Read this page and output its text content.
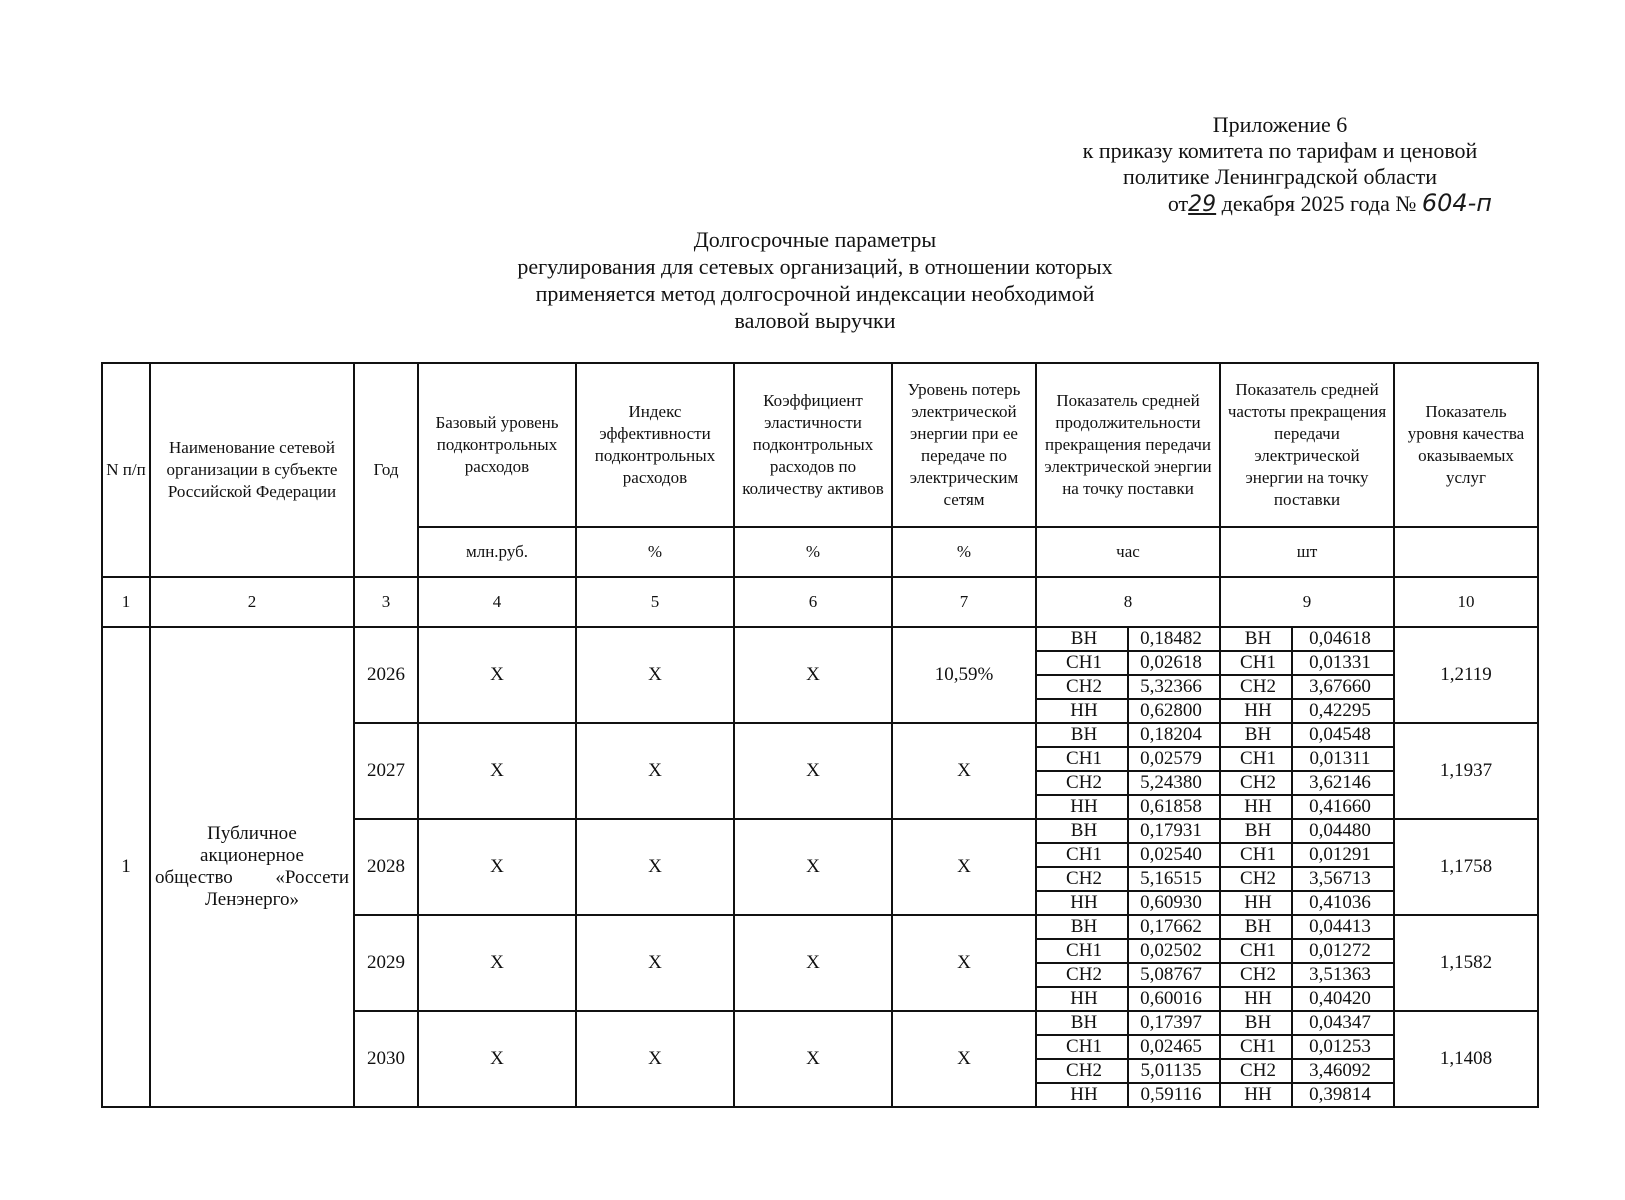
Приложение 6
к приказу комитета по тарифам и ценовой
политике Ленинградской области
от29 декабря 2025 года № 604-п
Долгосрочные параметры
регулирования для сетевых организаций, в отношении которых
применяется метод долгосрочной индексации необходимой
валовой выручки
N п/п	Наименование сетевой организации в субъекте Российской Федерации	Год	Базовый уровень подконтрольных расходов	Индекс эффективности подконтрольных расходов	Коэффициент эластичности подконтрольных расходов по количеству активов	Уровень потерь электрической энергии при ее передаче по электрическим сетям	Показатель средней продолжительности прекращения передачи электрической энергии на точку поставки		Показатель средней частоты прекращения передачи электрической энергии на точку поставки		Показатель уровня качества оказываемых услуг
			млн.руб.	%	%	%	час		шт		
1	2	3	4	5	6	7	8		9		10
1	Публичное
акционерное
общество «Россети
Ленэнерго»	2026	X	X	X	10,59%	ВН	0,18482	ВН	0,04618	1,2119
							СН1	0,02618	СН1	0,01331	
							СН2	5,32366	СН2	3,67660	
							НН	0,62800	НН	0,42295	
		2027	X	X	X	X	ВН	0,18204	ВН	0,04548	1,1937
							СН1	0,02579	СН1	0,01311	
							СН2	5,24380	СН2	3,62146	
							НН	0,61858	НН	0,41660	
		2028	X	X	X	X	ВН	0,17931	ВН	0,04480	1,1758
							СН1	0,02540	СН1	0,01291	
							СН2	5,16515	СН2	3,56713	
							НН	0,60930	НН	0,41036	
		2029	X	X	X	X	ВН	0,17662	ВН	0,04413	1,1582
							СН1	0,02502	СН1	0,01272	
							СН2	5,08767	СН2	3,51363	
							НН	0,60016	НН	0,40420	
		2030	X	X	X	X	ВН	0,17397	ВН	0,04347	1,1408
							СН1	0,02465	СН1	0,01253	
							СН2	5,01135	СН2	3,46092	
							НН	0,59116	НН	0,39814	
